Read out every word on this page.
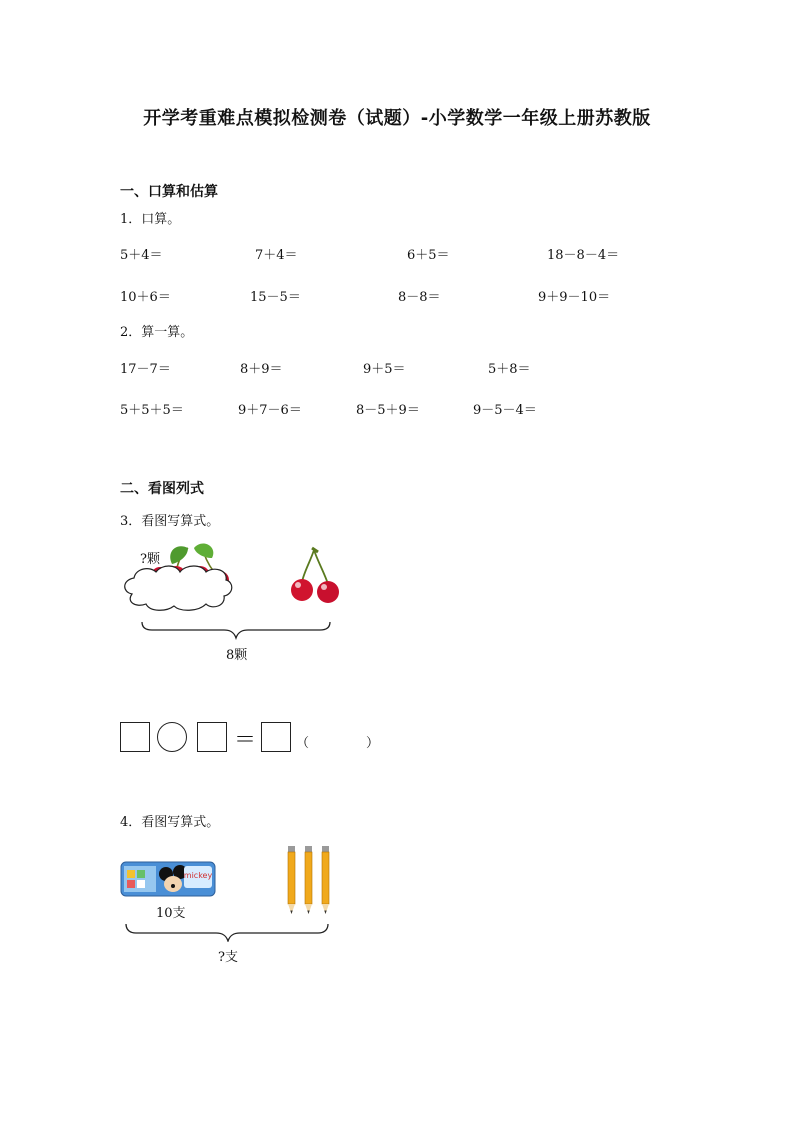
开学考重难点模拟检测卷（试题）-小学数学一年级上册苏教版
一、口算和估算
1．口算。
5＋4＝	7＋4＝	6＋5＝	18－8－4＝
10＋6＝	15－5＝	8－8＝	9＋9－10＝
2．算一算。
17－7＝	8＋9＝	9＋5＝	5＋8＝
5＋5＋5＝	9＋7－6＝	8－5＋9＝	9－5－4＝
二、看图列式
3．看图写算式。
?颗
8颗
＝	（	）
4．看图写算式。
mickey
10支
?支
